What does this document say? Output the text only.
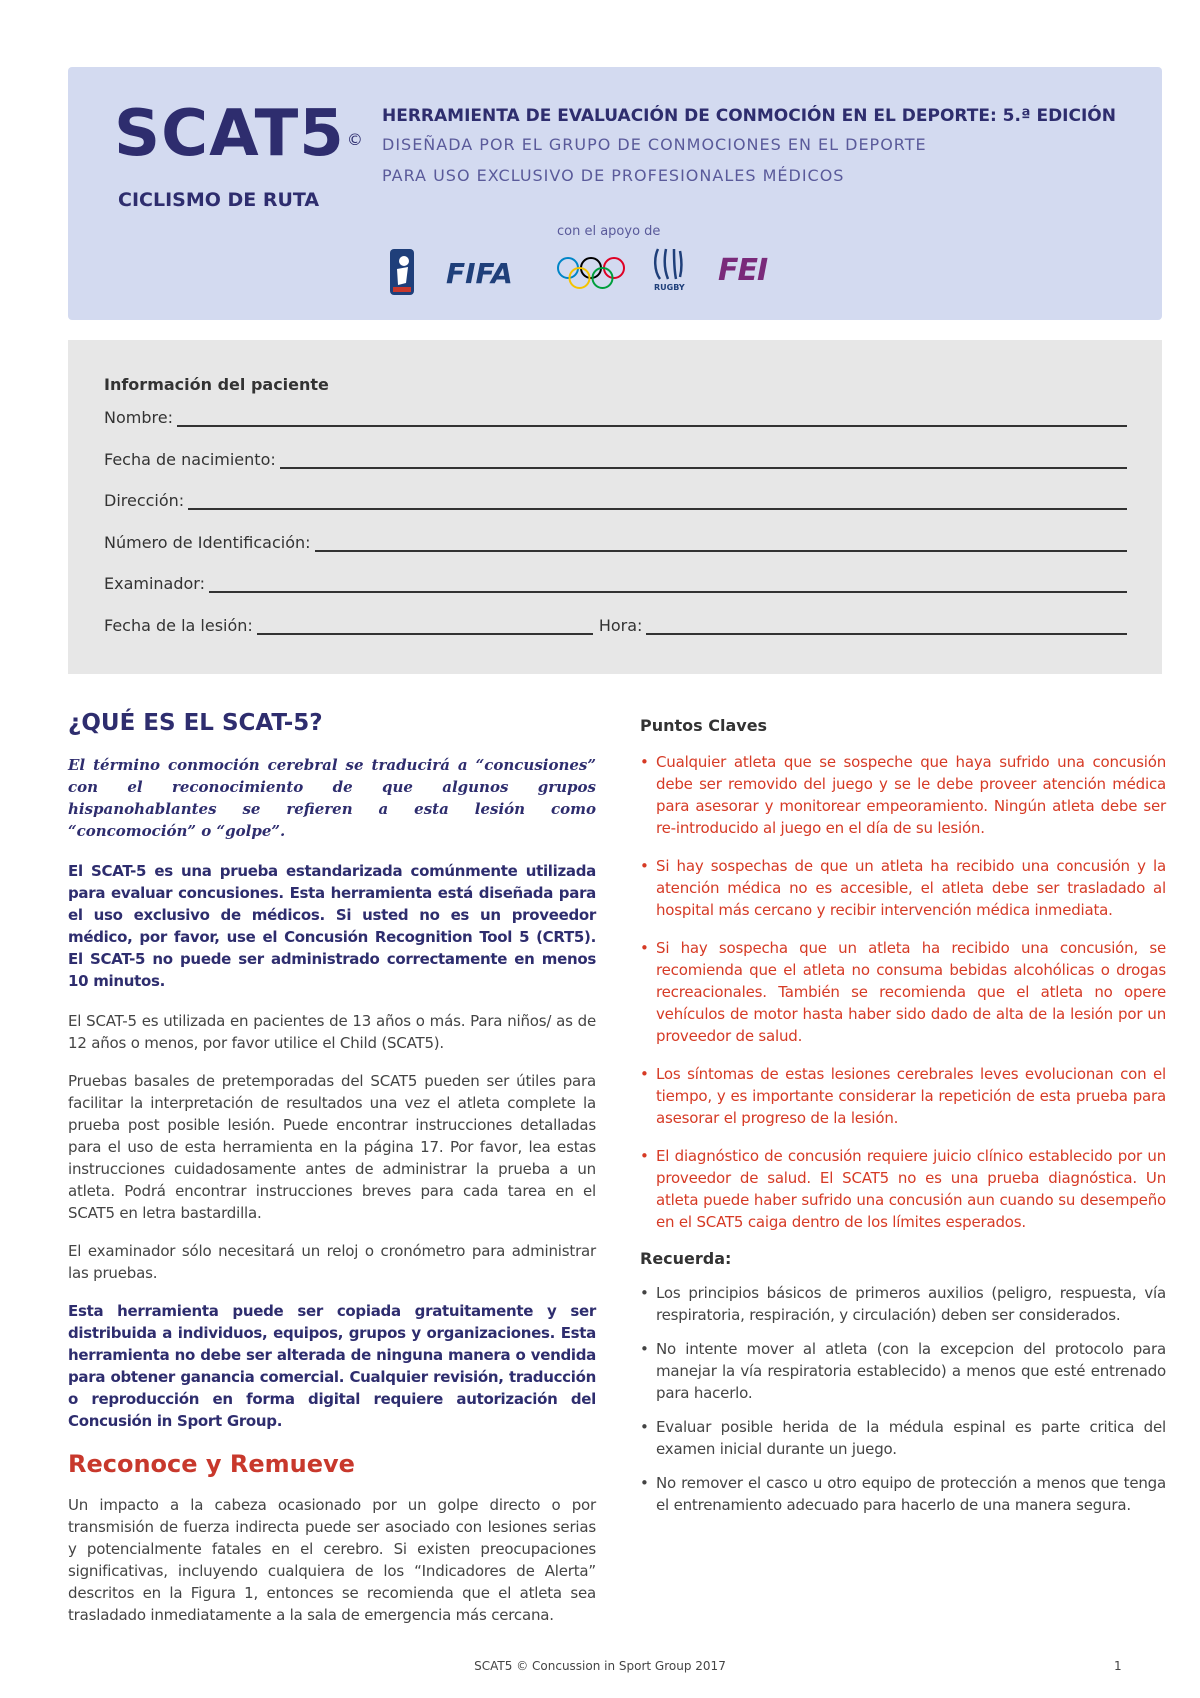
SCAT5 ©
CICLISMO DE RUTA
HERRAMIENTA DE EVALUACIÓN DE CONMOCIÓN EN EL DEPORTE: 5.ª EDICIÓN
DISEÑADA POR EL GRUPO DE CONMOCIONES EN EL DEPORTE
PARA USO EXCLUSIVO DE PROFESIONALES MÉDICOS
con el apoyo de
FIFA	RUGBY FEI
Información del paciente
Nombre:
Fecha de nacimiento:
Dirección:
Número de Identificación:
Examinador:
Fecha de la lesión:	Hora:
¿QUÉ ES EL SCAT-5?
El término conmoción cerebral se traducirá a “concusiones” con el reconocimiento de que algunos grupos hispanohablantes se refieren a esta lesión como “concomoción” o “golpe”.
El SCAT-5 es una prueba estandarizada comúnmente utilizada para evaluar concusiones. Esta herramienta está diseñada para el uso exclusivo de médicos. Si usted no es un proveedor médico, por favor, use el Concusión Recognition Tool 5 (CRT5). El SCAT-5 no puede ser administrado correctamente en menos 10 minutos.
El SCAT-5 es utilizada en pacientes de 13 años o más. Para niños/ as de 12 años o menos, por favor utilice el Child (SCAT5).
Pruebas basales de pretemporadas del SCAT5 pueden ser útiles para facilitar la interpretación de resultados una vez el atleta complete la prueba post posible lesión. Puede encontrar instrucciones detalladas para el uso de esta herramienta en la página 17. Por favor, lea estas instrucciones cuidadosamente antes de administrar la prueba a un atleta. Podrá encontrar instrucciones breves para cada tarea en el SCAT5 en letra bastardilla.
El examinador sólo necesitará un reloj o cronómetro para administrar las pruebas.
Esta herramienta puede ser copiada gratuitamente y ser distribuida a individuos, equipos, grupos y organizaciones. Esta herramienta no debe ser alterada de ninguna manera o vendida para obtener ganancia comercial. Cualquier revisión, traducción o reproducción en forma digital requiere autorización del Concusión in Sport Group.
Reconoce y Remueve
Un impacto a la cabeza ocasionado por un golpe directo o por transmisión de fuerza indirecta puede ser asociado con lesiones serias y potencialmente fatales en el cerebro. Si existen preocupaciones significativas, incluyendo cualquiera de los “Indicadores de Alerta” descritos en la Figura 1, entonces se recomienda que el atleta sea trasladado inmediatamente a la sala de emergencia más cercana.
Puntos Claves
• Cualquier atleta que se sospeche que haya sufrido una concusión debe ser removido del juego y se le debe proveer atención médica para asesorar y monitorear empeoramiento. Ningún atleta debe ser re-introducido al juego en el día de su lesión.
• Si hay sospechas de que un atleta ha recibido una concusión y la atención médica no es accesible, el atleta debe ser trasladado al hospital más cercano y recibir intervención médica inmediata.
• Si hay sospecha que un atleta ha recibido una concusión, se recomienda que el atleta no consuma bebidas alcohólicas o drogas recreacionales. También se recomienda que el atleta no opere vehículos de motor hasta haber sido dado de alta de la lesión por un proveedor de salud.
• Los síntomas de estas lesiones cerebrales leves evolucionan con el tiempo, y es importante considerar la repetición de esta prueba para asesorar el progreso de la lesión.
• El diagnóstico de concusión requiere juicio clínico establecido por un proveedor de salud. El SCAT5 no es una prueba diagnóstica. Un atleta puede haber sufrido una concusión aun cuando su desempeño en el SCAT5 caiga dentro de los límites esperados.
Recuerda:
• Los principios básicos de primeros auxilios (peligro, respuesta, vía respiratoria, respiración, y circulación) deben ser considerados.
• No intente mover al atleta (con la excepcion del protocolo para manejar la vía respiratoria establecido) a menos que esté entrenado para hacerlo.
• Evaluar posible herida de la médula espinal es parte critica del examen inicial durante un juego.
• No remover el casco u otro equipo de protección a menos que tenga el entrenamiento adecuado para hacerlo de una manera segura.
SCAT5 © Concussion in Sport Group 2017	1
